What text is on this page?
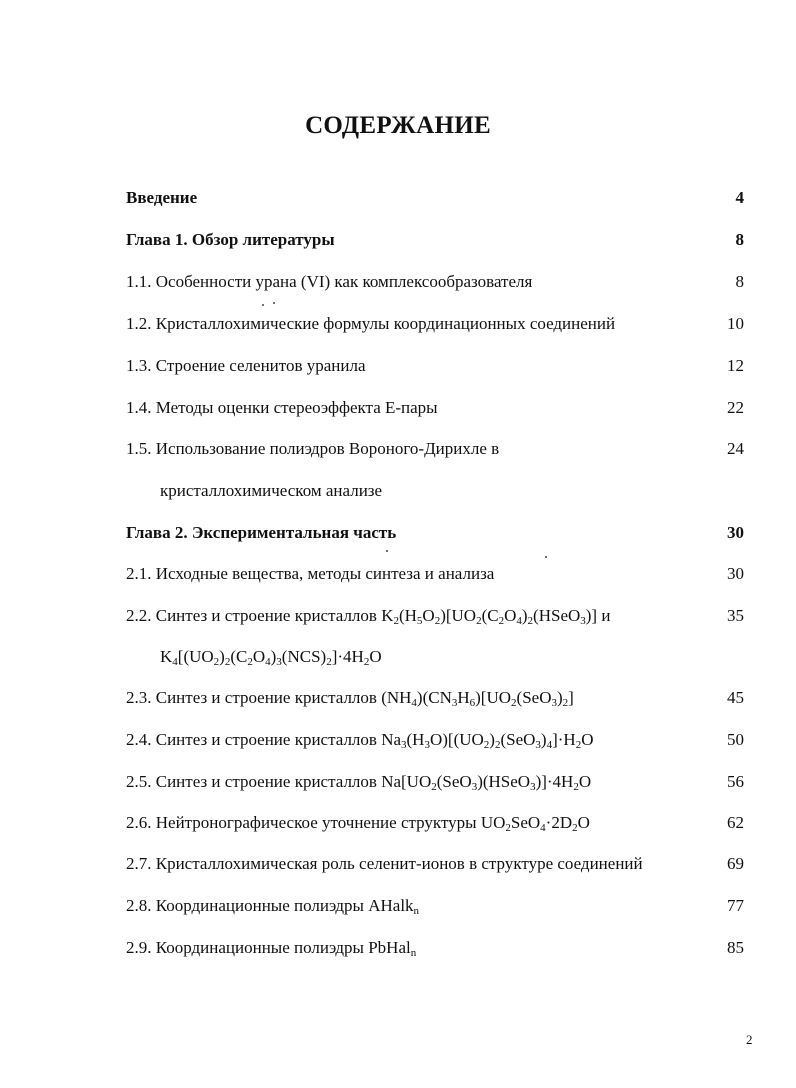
СОДЕРЖАНИЕ
Введение	4
Глава 1. Обзор литературы	8
1.1. Особенности урана (VI) как комплексообразователя	8
1.2. Кристаллохимические формулы координационных соединений	10
1.3. Строение селенитов уранила	12
1.4. Методы оценки стереоэффекта Е-пары	22
1.5. Использование полиэдров Вороного-Дирихле в	24
кристаллохимическом анализе
Глава 2. Экспериментальная часть	30
2.1. Исходные вещества, методы синтеза и анализа	30
2.2. Синтез и строение кристаллов $K_2(H_5O_2)[UO_2(C_2O_4)_2(HSeO_3)]$ и	35
$K_4[(UO_2)_2(C_2O_4)_3(NCS)_2]\cdot 4H_2O$
2.3. Синтез и строение кристаллов $(NH_4)(CN_3H_6)[UO_2(SeO_3)_2]$	45
2.4. Синтез и строение кристаллов $Na_3(H_3O)[(UO_2)_2(SeO_3)_4]\cdot H_2O$	50
2.5. Синтез и строение кристаллов $Na[UO_2(SeO_3)(HSeO_3)]\cdot 4H_2O$	56
2.6. Нейтронографическое уточнение структуры $UO_2SeO_4\cdot 2D_2O$	62
2.7. Кристаллохимическая роль селенит-ионов в структуре соединений	69
2.8. Координационные полиэдры AHalk$_n$	77
2.9. Координационные полиэдры PbHal$_n$	85
2
